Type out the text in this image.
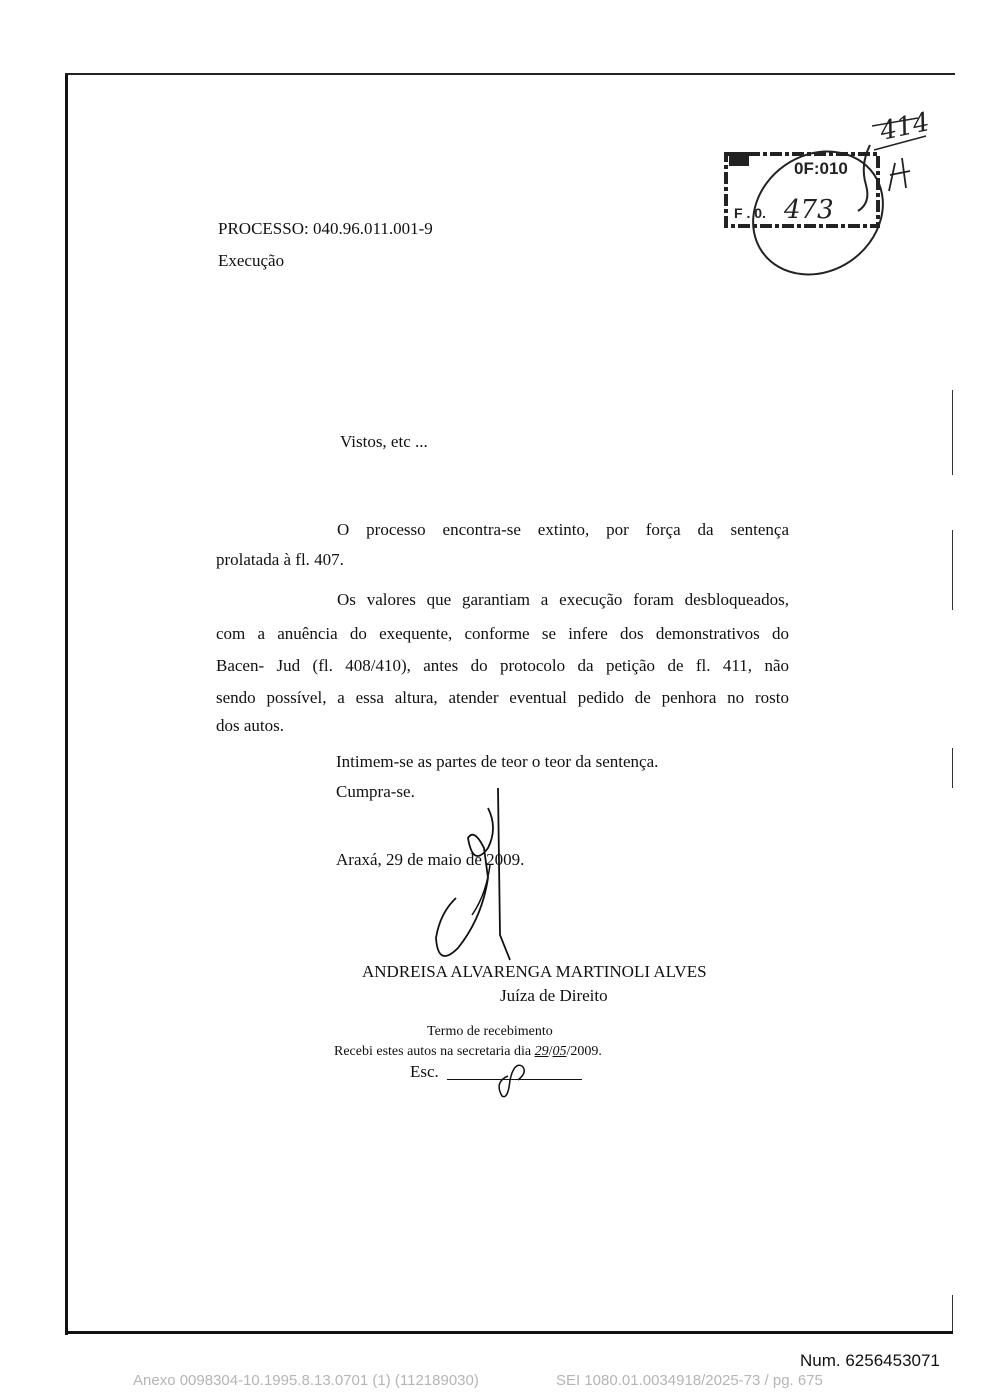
PROCESSO: 040.96.011.001-9
Execução
0F:010
F . 0. 473
414
Vistos, etc ...
O processo encontra-se extinto, por força da sentença
prolatada à fl. 407.
Os valores que garantiam a execução foram desbloqueados,
com a anuência do exequente, conforme se infere dos demonstrativos do
Bacen- Jud (fl. 408/410), antes do protocolo da petição de fl. 411, não
sendo possível, a essa altura, atender eventual pedido de penhora no rosto
dos autos.
Intimem-se as partes de teor o teor da sentença.
Cumpra-se.
Araxá, 29 de maio de 2009.
ANDREISA ALVARENGA MARTINOLI ALVES
Juíza de Direito
Termo de recebimento
Recebi estes autos na secretaria dia 29/05/2009.
Esc.
Num. 6256453071
Anexo 0098304-10.1995.8.13.0701 (1) (112189030)	SEI 1080.01.0034918/2025-73 / pg. 675
